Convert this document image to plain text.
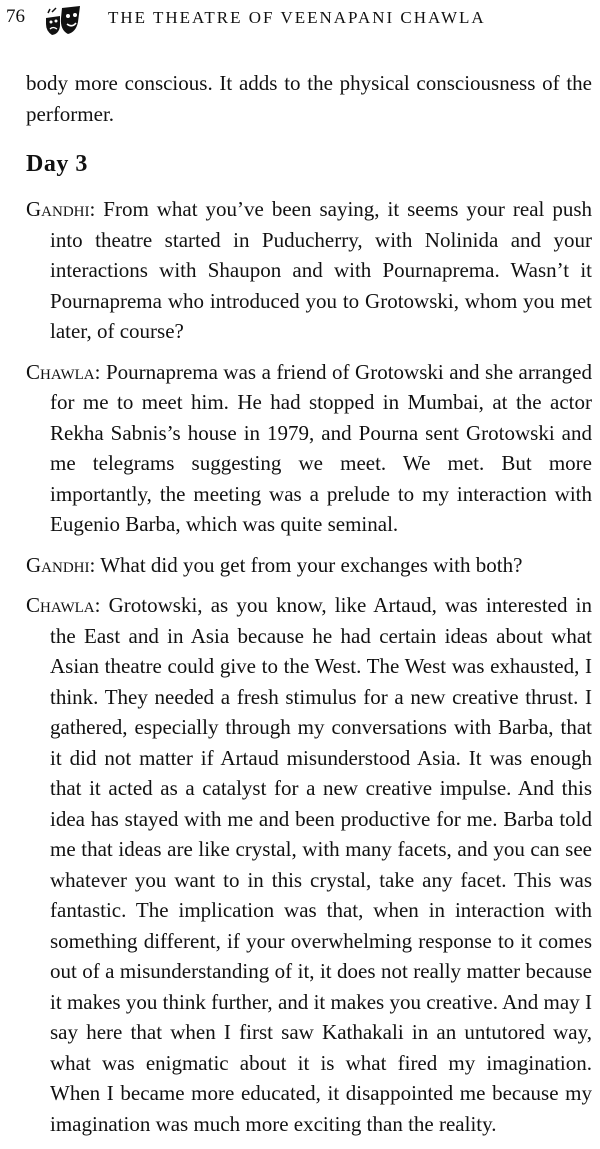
76	THE THEATRE OF VEENAPANI CHAWLA

body more conscious. It adds to the physical consciousness of the performer.

Day 3

Gandhi: From what you’ve been saying, it seems your real push into theatre started in Puducherry, with Nolinida and your interactions with Shaupon and with Pournaprema. Wasn’t it Pournaprema who introduced you to Grotowski, whom you met later, of course?

Chawla: Pournaprema was a friend of Grotowski and she arranged for me to meet him. He had stopped in Mumbai, at the actor Rekha Sabnis’s house in 1979, and Pourna sent Grotowski and me telegrams suggesting we meet. We met. But more importantly, the meeting was a prelude to my interaction with Eugenio Barba, which was quite seminal.

Gandhi: What did you get from your exchanges with both?

Chawla: Grotowski, as you know, like Artaud, was interested in the East and in Asia because he had certain ideas about what Asian theatre could give to the West. The West was exhausted, I think. They needed a fresh stimulus for a new creative thrust. I gathered, especially through my conversations with Barba, that it did not matter if Artaud misunderstood Asia. It was enough that it acted as a catalyst for a new creative impulse. And this idea has stayed with me and been productive for me. Barba told me that ideas are like crystal, with many facets, and you can see whatever you want to in this crystal, take any facet. This was fantastic. The implication was that, when in interaction with something different, if your overwhelming response to it comes out of a misunderstanding of it, it does not really matter because it makes you think further, and it makes you creative. And may I say here that when I first saw Kathakali in an untutored way, what was enigmatic about it is what fired my imagination. When I became more educated, it disappointed me because my imagination was much more exciting than the reality.
